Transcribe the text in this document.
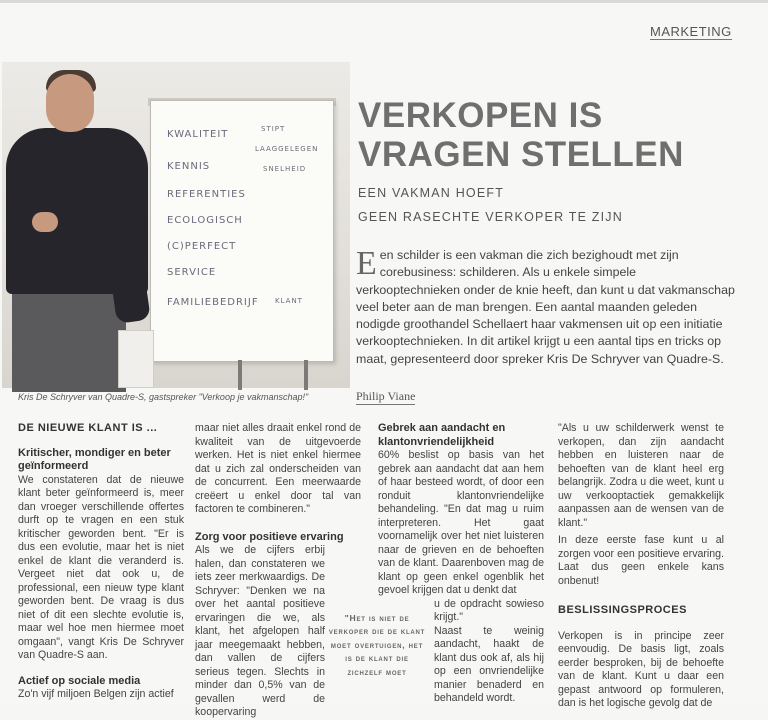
MARKETING
KWALITEIT
KENNIS
REFERENTIES
ECOLOGISCH
(C)PERFECT
SERVICE
FAMILIEBEDRIJF
STIPT
LAAGGELEGEN
SNELHEID
KLANT
Kris De Schryver van Quadre-S, gastspreker "Verkoop je vakmanschap!"
VERKOPEN IS
VRAGEN STELLEN
EEN VAKMAN HOEFT
GEEN RASECHTE VERKOPER TE ZIJN
Een schilder is een vakman die zich bezighoudt met zijn corebusiness: schilderen. Als u enkele simpele verkooptechnieken onder de knie heeft, dan kunt u dat vakmanschap veel beter aan de man brengen. Een aantal maanden geleden nodigde groothandel Schellaert haar vakmensen uit op een initiatie verkooptechnieken. In dit artikel krijgt u een aantal tips en tricks op maat, gepresenteerd door spreker Kris De Schryver van Quadre-S.
Philip Viane
DE NIEUWE KLANT IS ...
Kritischer, mondiger en beter geïnformeerd

We constateren dat de nieuwe klant beter geïnformeerd is, meer dan vroeger verschillende offertes durft op te vragen en een stuk kritischer geworden bent. "Er is dus een evolutie, maar het is niet enkel de klant die veranderd is. Vergeet niet dat ook u, de professional, een nieuw type klant geworden bent. De vraag is dus niet of dit een slechte evolutie is, maar wel hoe men hiermee moet omgaan", vangt Kris De Schryver van Quadre-S aan.

Actief op sociale media

Zo'n vijf miljoen Belgen zijn actief

maar niet alles draait enkel rond de kwaliteit van de uitgevoerde werken. Het is niet enkel hiermee dat u zich zal onderscheiden van de concurrent. Een meerwaarde creëert u enkel door tal van factoren te combineren."

Zorg voor positieve ervaring

Als we de cijfers erbij halen, dan constateren we iets zeer merkwaardigs. De Schryver: "Denken we na over het aantal positieve ervaringen die we, als klant, het afgelopen half jaar meegemaakt hebben, dan vallen de cijfers serieus tegen. Slechts in minder dan 0,5% van de gevallen werd de koopervaring

"Het is niet de verkoper die de klant moet overtuigen, het is de klant die zichzelf moet
Gebrek aan aandacht en klantonvriendelijkheid

60% beslist op basis van het gebrek aan aandacht dat aan hem of haar besteed wordt, of door een ronduit klantonvriendelijke behandeling. "En dat mag u ruim interpreteren. Het gaat voornamelijk over het niet luisteren naar de grieven en de behoeften van de klant. Daarenboven mag de klant op geen enkel ogenblik het gevoel krijgen dat u denkt dat

u de opdracht sowieso krijgt."

Naast te weinig aandacht, haakt de klant dus ook af, als hij op een onvriendelijke manier benaderd en behandeld wordt.

"Als u uw schilderwerk wenst te verkopen, dan zijn aandacht hebben en luisteren naar de behoeften van de klant heel erg belangrijk. Zodra u die weet, kunt u uw verkooptactiek gemakkelijk aanpassen aan de wensen van de klant."

In deze eerste fase kunt u al zorgen voor een positieve ervaring. Laat dus geen enkele kans onbenut!

BESLISSINGSPROCES

Verkopen is in principe zeer eenvoudig. De basis ligt, zoals eerder besproken, bij de behoefte van de klant. Kunt u daar een gepast antwoord op formuleren, dan is het logische gevolg dat de
